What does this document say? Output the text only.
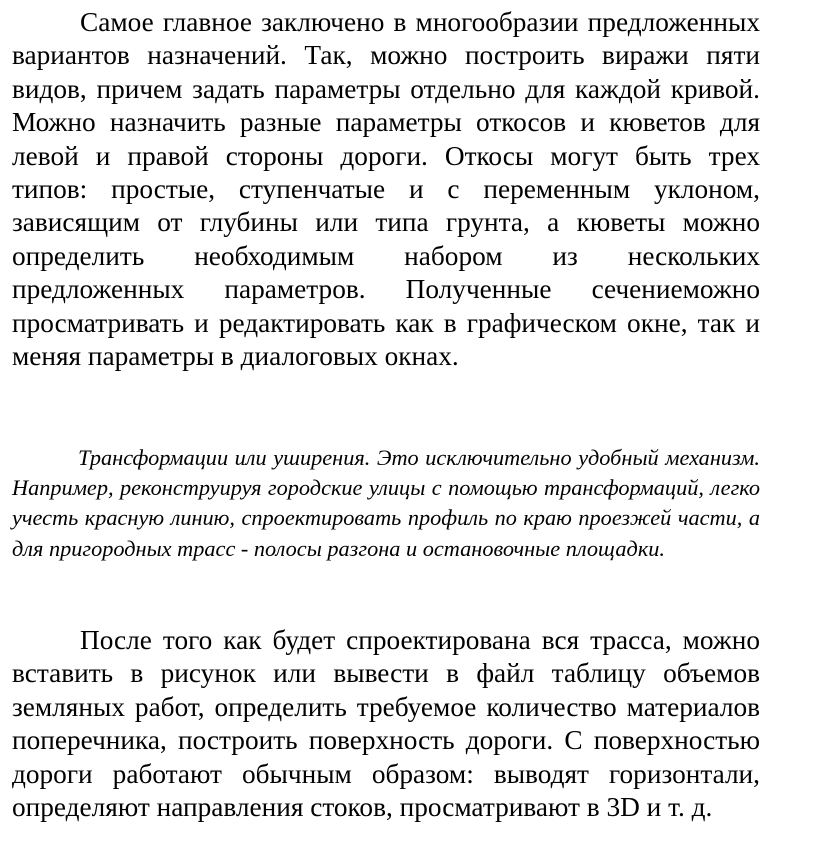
Самое главное заключено в многообразии предложенных вариантов назначений. Так, можно построить виражи пяти видов, причем задать параметры отдельно для каждой кривой. Можно назначить разные параметры откосов и кюветов для левой и правой стороны дороги. Откосы могут быть трех типов: простые, ступенчатые и с переменным уклоном, зависящим от глубины или типа грунта, а кюветы можно определить необходимым набором из нескольких предложенных параметров. Полученные сечениеможно просматривать и редактировать как в графическом окне, так и меняя параметры в диалоговых окнах.

Трансформации или уширения. Это исключительно удобный механизм. Например, реконструируя городские улицы с помощью трансформаций, легко учесть красную линию, спроектировать профиль по краю проезжей части, а для пригородных трасс - полосы разгона и остановочные площадки.

После того как будет спроектирована вся трасса, можно вставить в рисунок или вывести в файл таблицу объемов земляных работ, определить требуемое количество материалов поперечника, построить поверхность дороги. С поверхностью дороги работают обычным образом: выводят горизонтали, определяют направления стоков, просматривают в 3D и т. д.
